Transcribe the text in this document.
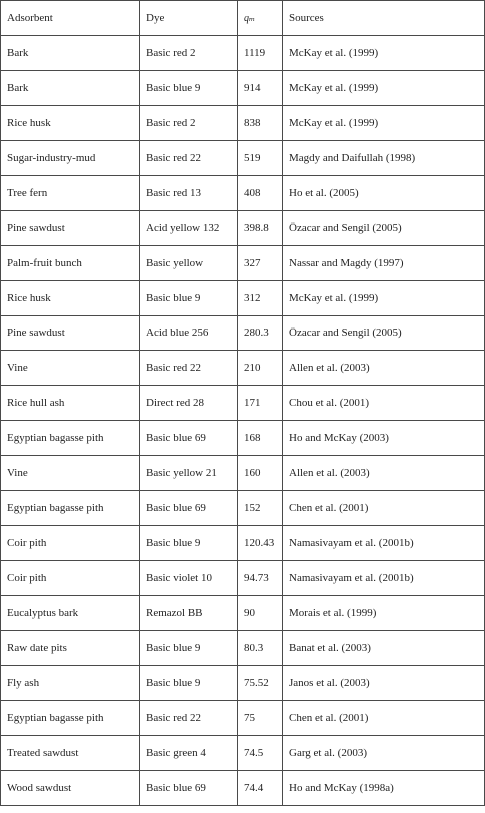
Adsorbent	Dye	qₘ	Sources
Bark	Basic red 2	1119	McKay et al. (1999)
Bark	Basic blue 9	914	McKay et al. (1999)
Rice husk	Basic red 2	838	McKay et al. (1999)
Sugar-industry-mud	Basic red 22	519	Magdy and Daifullah (1998)
Tree fern	Basic red 13	408	Ho et al. (2005)
Pine sawdust	Acid yellow 132	398.8	Özacar and Sengil (2005)
Palm-fruit bunch	Basic yellow	327	Nassar and Magdy (1997)
Rice husk	Basic blue 9	312	McKay et al. (1999)
Pine sawdust	Acid blue 256	280.3	Özacar and Sengil (2005)
Vine	Basic red 22	210	Allen et al. (2003)
Rice hull ash	Direct red 28	171	Chou et al. (2001)
Egyptian bagasse pith	Basic blue 69	168	Ho and McKay (2003)
Vine	Basic yellow 21	160	Allen et al. (2003)
Egyptian bagasse pith	Basic blue 69	152	Chen et al. (2001)
Coir pith	Basic blue 9	120.43	Namasivayam et al. (2001b)
Coir pith	Basic violet 10	94.73	Namasivayam et al. (2001b)
Eucalyptus bark	Remazol BB	90	Morais et al. (1999)
Raw date pits	Basic blue 9	80.3	Banat et al. (2003)
Fly ash	Basic blue 9	75.52	Janos et al. (2003)
Egyptian bagasse pith	Basic red 22	75	Chen et al. (2001)
Treated sawdust	Basic green 4	74.5	Garg et al. (2003)
Wood sawdust	Basic blue 69	74.4	Ho and McKay (1998a)
